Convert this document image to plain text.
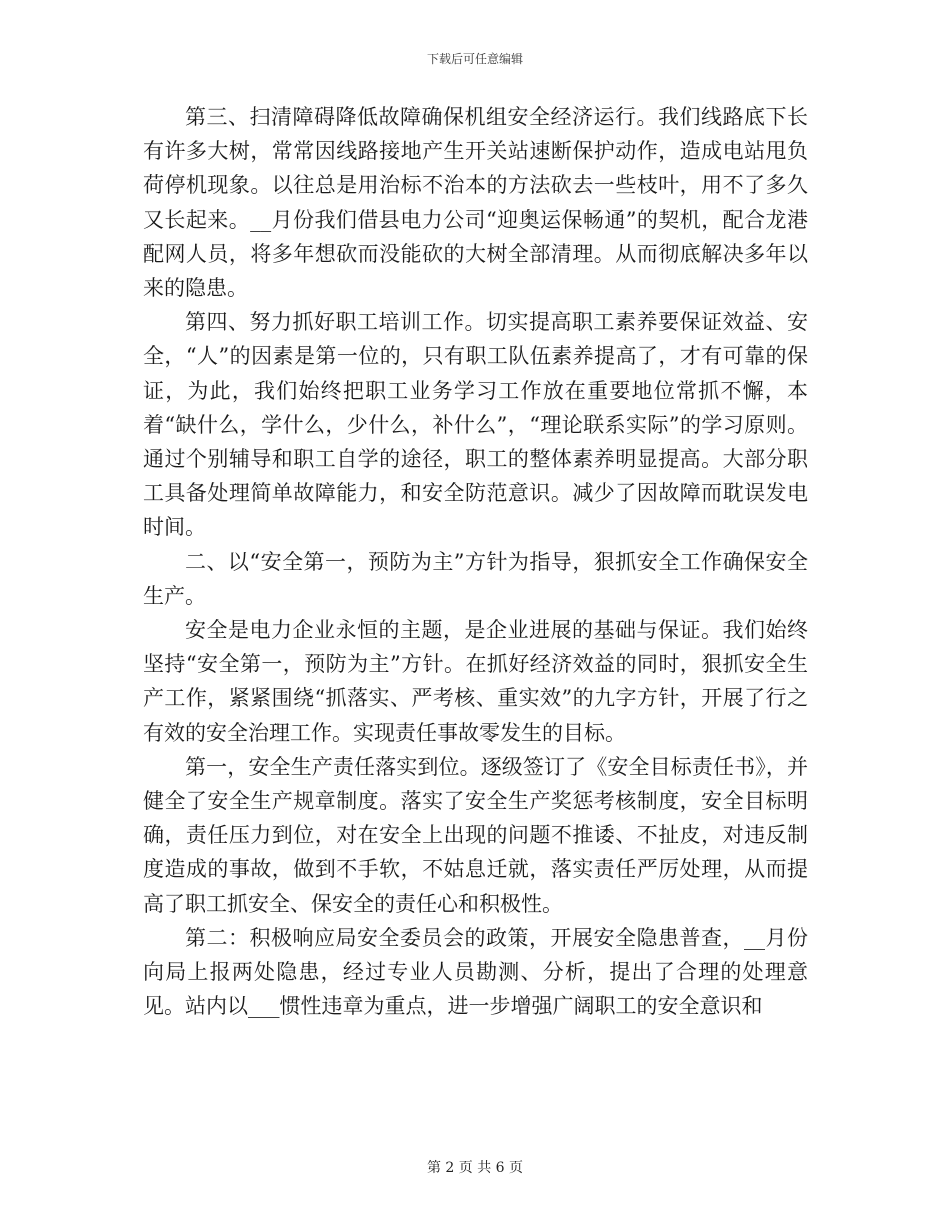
下载后可任意编辑

第三、扫清障碍降低故障确保机组安全经济运行。我们线路底下长有许多大树，常常因线路接地产生开关站速断保护动作，造成电站甩负荷停机现象。以往总是用治标不治本的方法砍去一些枝叶，用不了多久又长起来。__月份我们借县电力公司“迎奥运保畅通”的契机，配合龙港配网人员，将多年想砍而没能砍的大树全部清理。从而彻底解决多年以来的隐患。

第四、努力抓好职工培训工作。切实提高职工素养要保证效益、安全，“人”的因素是第一位的，只有职工队伍素养提高了，才有可靠的保证，为此，我们始终把职工业务学习工作放在重要地位常抓不懈，本着“缺什么，学什么，少什么，补什么”，“理论联系实际”的学习原则。通过个别辅导和职工自学的途径，职工的整体素养明显提高。大部分职工具备处理简单故障能力，和安全防范意识。减少了因故障而耽误发电时间。

二、以“安全第一，预防为主”方针为指导，狠抓安全工作确保安全生产。

安全是电力企业永恒的主题，是企业进展的基础与保证。我们始终坚持“安全第一，预防为主”方针。在抓好经济效益的同时，狠抓安全生产工作，紧紧围绕“抓落实、严考核、重实效”的九字方针，开展了行之有效的安全治理工作。实现责任事故零发生的目标。

第一，安全生产责任落实到位。逐级签订了《安全目标责任书》，并健全了安全生产规章制度。落实了安全生产奖惩考核制度，安全目标明确，责任压力到位，对在安全上出现的问题不推诿、不扯皮，对违反制度造成的事故，做到不手软，不姑息迁就，落实责任严厉处理，从而提高了职工抓安全、保安全的责任心和积极性。

第二：积极响应局安全委员会的政策，开展安全隐患普查，__月份向局上报两处隐患，经过专业人员勘测、分析，提出了合理的处理意见。站内以___惯性违章为重点，进一步增强广阔职工的安全意识和

第 2 页 共 6 页
